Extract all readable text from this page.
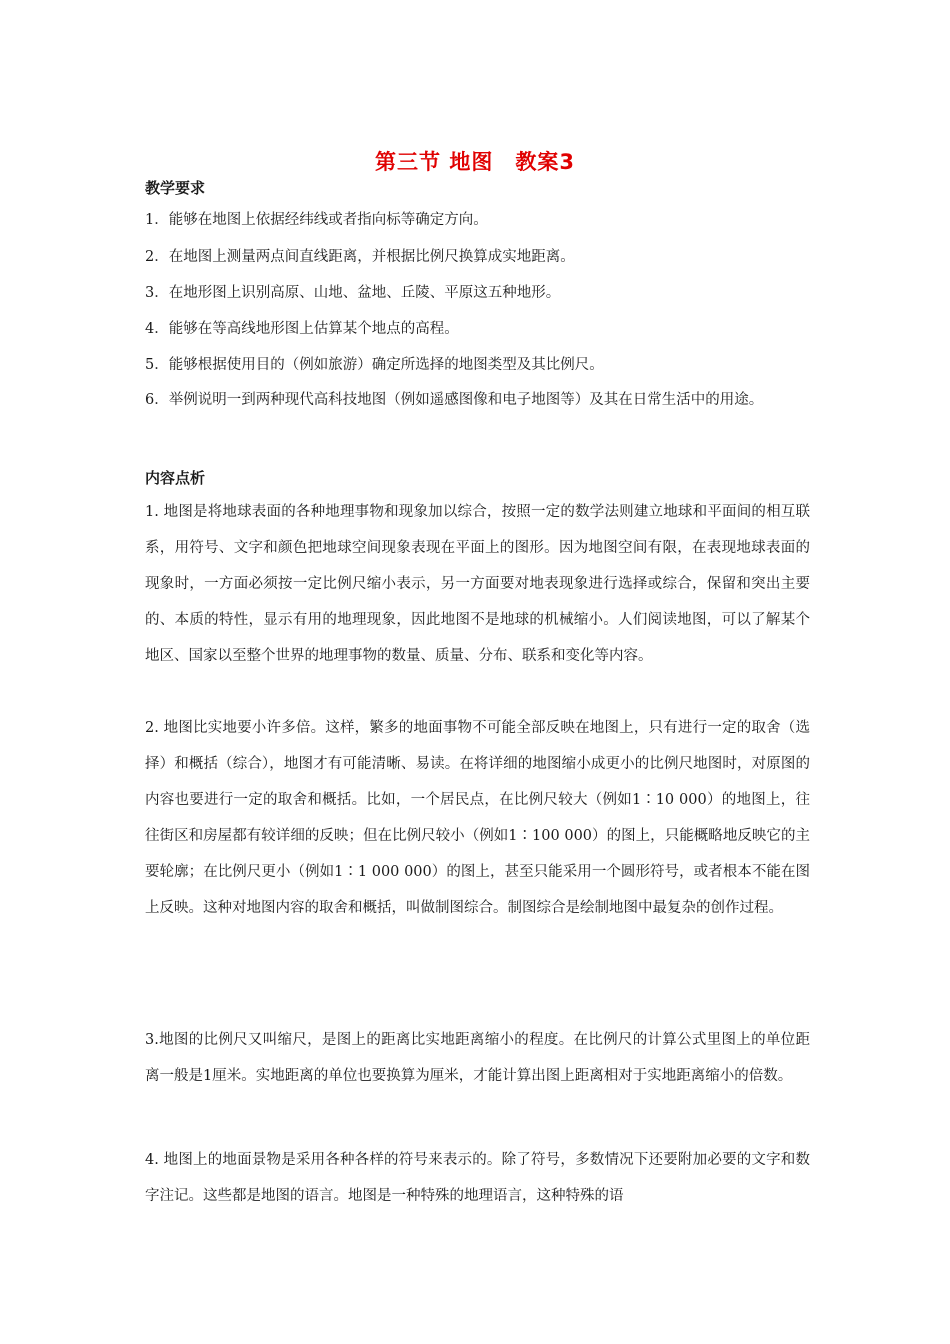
第三节 地图　教案3
教学要求
1．能够在地图上依据经纬线或者指向标等确定方向。
2．在地图上测量两点间直线距离，并根据比例尺换算成实地距离。
3．在地形图上识别高原、山地、盆地、丘陵、平原这五种地形。
4．能够在等高线地形图上估算某个地点的高程。
5．能够根据使用目的（例如旅游）确定所选择的地图类型及其比例尺。
6．举例说明一到两种现代高科技地图（例如遥感图像和电子地图等）及其在日常生活中的用途。
内容点析
1. 地图是将地球表面的各种地理事物和现象加以综合，按照一定的数学法则建立地球和平面间的相互联系，用符号、文字和颜色把地球空间现象表现在平面上的图形。因为地图空间有限，在表现地球表面的现象时，一方面必须按一定比例尺缩小表示，另一方面要对地表现象进行选择或综合，保留和突出主要的、本质的特性，显示有用的地理现象，因此地图不是地球的机械缩小。人们阅读地图，可以了解某个地区、国家以至整个世界的地理事物的数量、质量、分布、联系和变化等内容。
2. 地图比实地要小许多倍。这样，繁多的地面事物不可能全部反映在地图上，只有进行一定的取舍（选择）和概括（综合），地图才有可能清晰、易读。在将详细的地图缩小成更小的比例尺地图时，对原图的内容也要进行一定的取舍和概括。比如，一个居民点，在比例尺较大（例如1∶10 000）的地图上，往往街区和房屋都有较详细的反映；但在比例尺较小（例如1∶100 000）的图上，只能概略地反映它的主要轮廓；在比例尺更小（例如1∶1 000 000）的图上，甚至只能采用一个圆形符号，或者根本不能在图上反映。这种对地图内容的取舍和概括，叫做制图综合。制图综合是绘制地图中最复杂的创作过程。
3.地图的比例尺又叫缩尺，是图上的距离比实地距离缩小的程度。在比例尺的计算公式里图上的单位距离一般是1厘米。实地距离的单位也要换算为厘米，才能计算出图上距离相对于实地距离缩小的倍数。
4. 地图上的地面景物是采用各种各样的符号来表示的。除了符号，多数情况下还要附加必要的文字和数字注记。这些都是地图的语言。地图是一种特殊的地理语言，这种特殊的语
